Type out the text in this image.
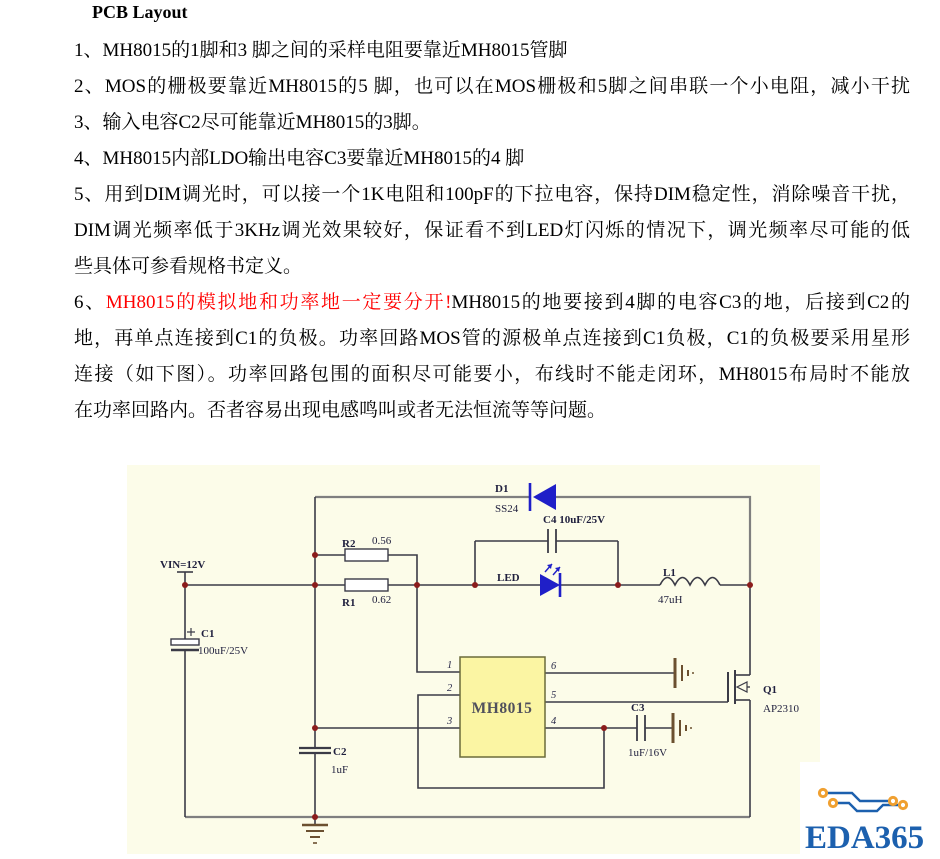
PCB Layout
1、MH8015的1脚和3 脚之间的采样电阻要靠近MH8015管脚
2、MOS的栅极要靠近MH8015的5 脚，也可以在MOS栅极和5脚之间串联一个小电阻，减小干扰
3、输入电容C2尽可能靠近MH8015的3脚。
4、MH8015内部LDO输出电容C3要靠近MH8015的4 脚
5、用到DIM调光时，可以接一个1K电阻和100pF的下拉电容，保持DIM稳定性，消除噪音干扰，
DIM调光频率低于3KHz调光效果较好，保证看不到LED灯闪烁的情况下，调光频率尽可能的低
些具体可参看规格书定义。
6、MH8015的模拟地和功率地一定要分开!MH8015的地要接到4脚的电容C3的地，后接到C2的
地，再单点连接到C1的负极。功率回路MOS管的源极单点连接到C1负极，C1的负极要采用星形
连接（如下图）。功率回路包围的面积尽可能要小，布线时不能走闭环，MH8015布局时不能放
在功率回路内。否者容易出现电感鸣叫或者无法恒流等等问题。
MH8015
VIN=12V
C1
100uF/25V
R2 0.56
R1 0.62
D1
SS24
C4 10uF/25V
LED	L1
47uH
C2
1uF
C3
1uF/16V
Q1
AP2310
1
2
3
6
5
4
EDA365
